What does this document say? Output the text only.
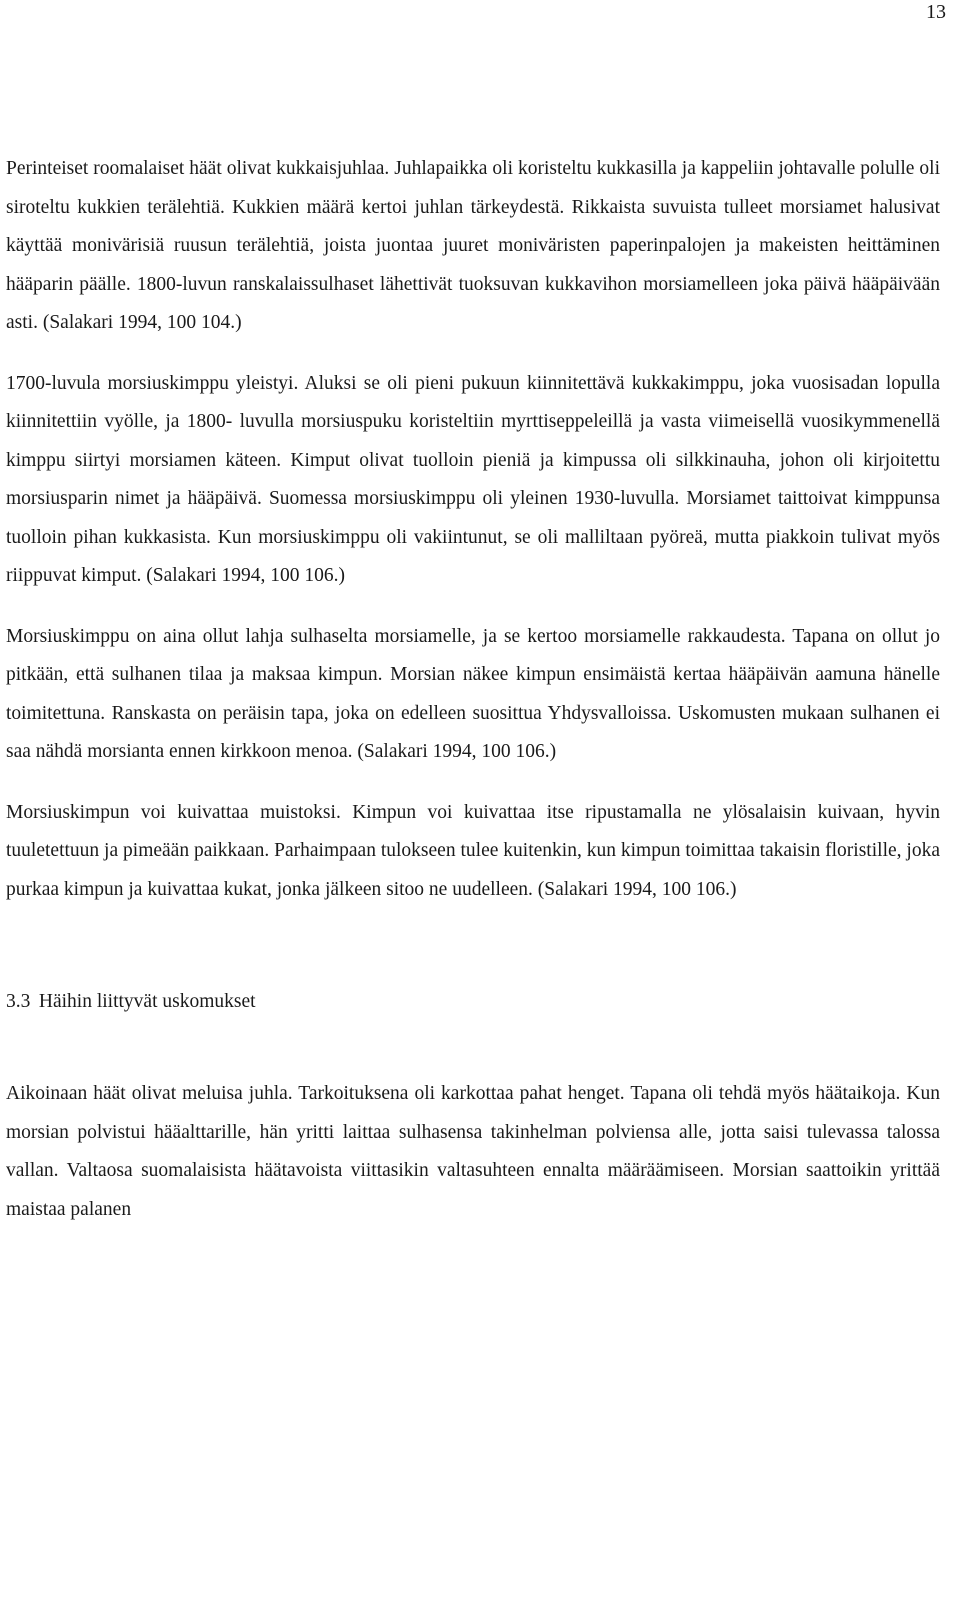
13

Perinteiset roomalaiset häät olivat kukkaisjuhlaa. Juhlapaikka oli koristeltu kukkasilla ja kappeliin johtavalle polulle oli siroteltu kukkien terälehtiä. Kukkien määrä kertoi juhlan tärkeydestä. Rikkaista suvuista tulleet morsiamet halusivat käyttää monivärisiä ruusun terälehtiä, joista juontaa juuret moniväristen paperinpalojen ja makeisten heittäminen hääparin päälle. 1800-luvun ranskalaissulhaset lähettivät tuoksuvan kukkavihon morsiamelleen joka päivä hääpäivään asti. (Salakari 1994, 100 104.)

1700-luvula morsiuskimppu yleistyi. Aluksi se oli pieni pukuun kiinnitettävä kukkakimppu, joka vuosisadan lopulla kiinnitettiin vyölle, ja 1800- luvulla morsiuspuku koristeltiin myrttiseppeleillä ja vasta viimeisellä vuosikymmenellä kimppu siirtyi morsiamen käteen. Kimput olivat tuolloin pieniä ja kimpussa oli silkkinauha, johon oli kirjoitettu morsiusparin nimet ja hääpäivä. Suomessa morsiuskimppu oli yleinen 1930-luvulla. Morsiamet taittoivat kimppunsa tuolloin pihan kukkasista. Kun morsiuskimppu oli vakiintunut, se oli malliltaan pyöreä, mutta piakkoin tulivat myös riippuvat kimput. (Salakari 1994, 100 106.)

Morsiuskimppu on aina ollut lahja sulhaselta morsiamelle, ja se kertoo morsiamelle rakkaudesta. Tapana on ollut jo pitkään, että sulhanen tilaa ja maksaa kimpun. Morsian näkee kimpun ensimäistä kertaa hääpäivän aamuna hänelle toimitettuna. Ranskasta on peräisin tapa, joka on edelleen suosittua Yhdysvalloissa. Uskomusten mukaan sulhanen ei saa nähdä morsianta ennen kirkkoon menoa. (Salakari 1994, 100 106.)

Morsiuskimpun voi kuivattaa muistoksi. Kimpun voi kuivattaa itse ripustamalla ne ylösalaisin kuivaan, hyvin tuuletettuun ja pimeään paikkaan. Parhaimpaan tulokseen tulee kuitenkin, kun kimpun toimittaa takaisin floristille, joka purkaa kimpun ja kuivattaa kukat, jonka jälkeen sitoo ne uudelleen. (Salakari 1994, 100 106.)

3.3 Häihin liittyvät uskomukset

Aikoinaan häät olivat meluisa juhla. Tarkoituksena oli karkottaa pahat henget. Tapana oli tehdä myös häätaikoja. Kun morsian polvistui hääalttarille, hän yritti laittaa sulhasensa takinhelman polviensa alle, jotta saisi tulevassa talossa vallan. Valtaosa suomalaisista häätavoista viittasikin valtasuhteen ennalta määräämiseen. Morsian saattoikin yrittää maistaa palanen
